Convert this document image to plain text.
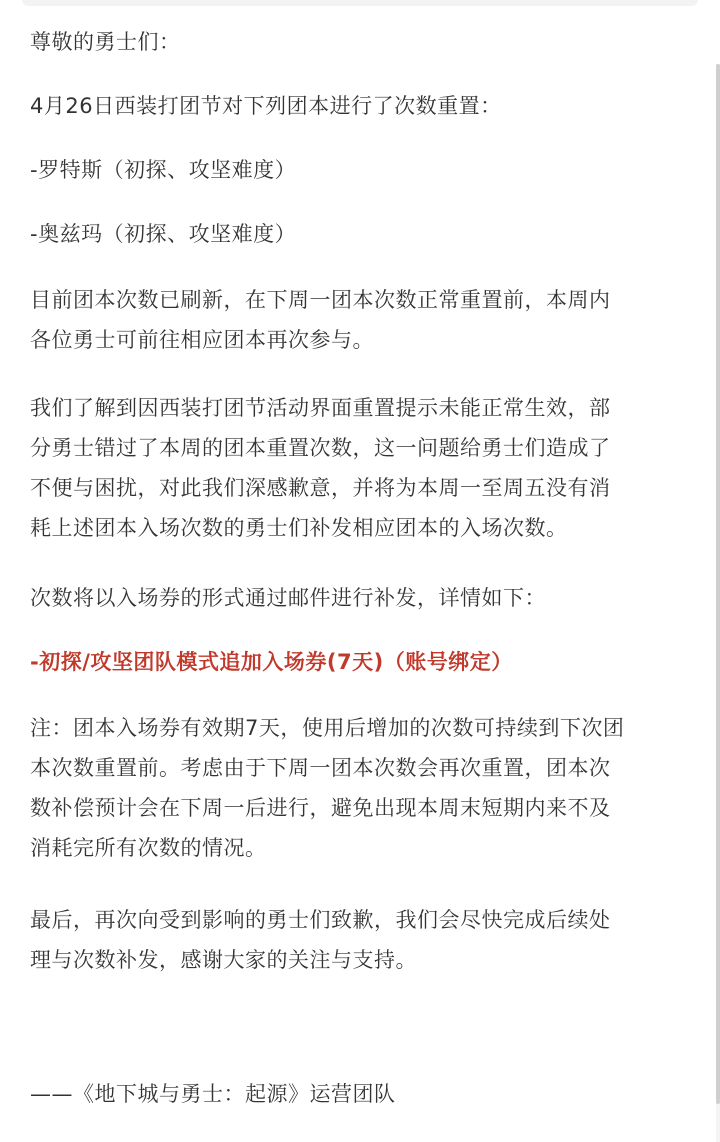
尊敬的勇士们：

4月26日西装打团节对下列团本进行了次数重置：

-罗特斯（初探、攻坚难度）

-奥兹玛（初探、攻坚难度）

目前团本次数已刷新，在下周一团本次数正常重置前，本周内
各位勇士可前往相应团本再次参与。

我们了解到因西装打团节活动界面重置提示未能正常生效，部
分勇士错过了本周的团本重置次数，这一问题给勇士们造成了
不便与困扰，对此我们深感歉意，并将为本周一至周五没有消
耗上述团本入场次数的勇士们补发相应团本的入场次数。

次数将以入场券的形式通过邮件进行补发，详情如下：

-初探/攻坚团队模式追加入场券(7天)（账号绑定）

注：团本入场券有效期7天，使用后增加的次数可持续到下次团
本次数重置前。考虑由于下周一团本次数会再次重置，团本次
数补偿预计会在下周一后进行，避免出现本周末短期内来不及
消耗完所有次数的情况。

最后，再次向受到影响的勇士们致歉，我们会尽快完成后续处
理与次数补发，感谢大家的关注与支持。

——《地下城与勇士：起源》运营团队
